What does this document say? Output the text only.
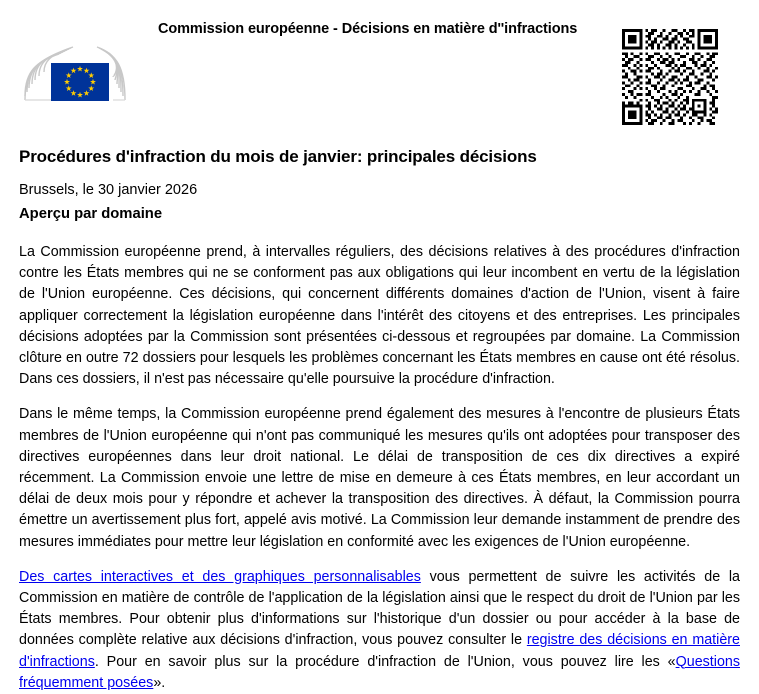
Commission européenne - Décisions en matière d''infractions
Procédures d'infraction du mois de janvier: principales décisions

Brussels, le 30 janvier 2026

Aperçu par domaine

La Commission européenne prend, à intervalles réguliers, des décisions relatives à des procédures d'infraction contre les États membres qui ne se conforment pas aux obligations qui leur incombent en vertu de la législation de l'Union européenne. Ces décisions, qui concernent différents domaines d'action de l'Union, visent à faire appliquer correctement la législation européenne dans l'intérêt des citoyens et des entreprises. Les principales décisions adoptées par la Commission sont présentées ci-dessous et regroupées par domaine. La Commission clôture en outre 72 dossiers pour lesquels les problèmes concernant les États membres en cause ont été résolus. Dans ces dossiers, il n'est pas nécessaire qu'elle poursuive la procédure d'infraction.

Dans le même temps, la Commission européenne prend également des mesures à l'encontre de plusieurs États membres de l'Union européenne qui n'ont pas communiqué les mesures qu'ils ont adoptées pour transposer des directives européennes dans leur droit national. Le délai de transposition de ces dix directives a expiré récemment. La Commission envoie une lettre de mise en demeure à ces États membres, en leur accordant un délai de deux mois pour y répondre et achever la transposition des directives. À défaut, la Commission pourra émettre un avertissement plus fort, appelé avis motivé. La Commission leur demande instamment de prendre des mesures immédiates pour mettre leur législation en conformité avec les exigences de l'Union européenne.

Des cartes interactives et des graphiques personnalisables vous permettent de suivre les activités de la Commission en matière de contrôle de l'application de la législation ainsi que le respect du droit de l'Union par les États membres. Pour obtenir plus d'informations sur l'historique d'un dossier ou pour accéder à la base de données complète relative aux décisions d'infraction, vous pouvez consulter le registre des décisions en matière d'infractions. Pour en savoir plus sur la procédure d'infraction de l'Union, vous pouvez lire les «Questions fréquemment posées».
